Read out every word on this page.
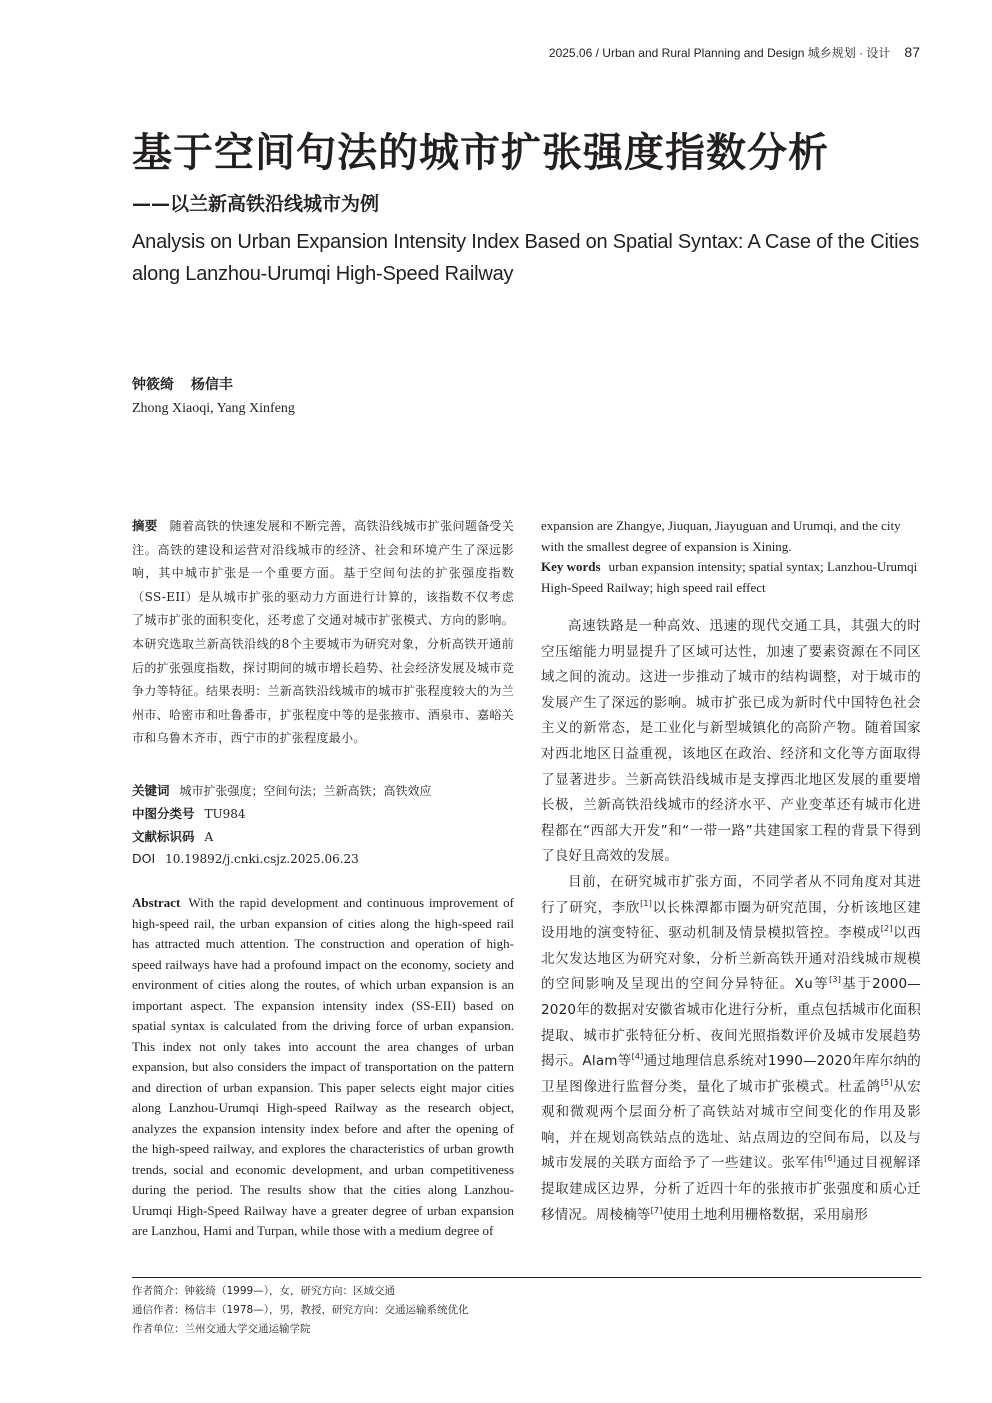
2025.06 / Urban and Rural Planning and Design 城乡规划 · 设计 87
基于空间句法的城市扩张强度指数分析
——以兰新高铁沿线城市为例
Analysis on Urban Expansion Intensity Index Based on Spatial Syntax: A Case of the Cities along Lanzhou-Urumqi High-Speed Railway
钟筱绮 杨信丰
Zhong Xiaoqi, Yang Xinfeng
摘要 随着高铁的快速发展和不断完善，高铁沿线城市扩张问题备受关注。高铁的建设和运营对沿线城市的经济、社会和环境产生了深远影响，其中城市扩张是一个重要方面。基于空间句法的扩张强度指数（SS-EII）是从城市扩张的驱动力方面进行计算的，该指数不仅考虑了城市扩张的面积变化，还考虑了交通对城市扩张模式、方向的影响。本研究选取兰新高铁沿线的8个主要城市为研究对象，分析高铁开通前后的扩张强度指数，探讨期间的城市增长趋势、社会经济发展及城市竞争力等特征。结果表明：兰新高铁沿线城市的城市扩张程度较大的为兰州市、哈密市和吐鲁番市，扩张程度中等的是张掖市、酒泉市、嘉峪关市和乌鲁木齐市，西宁市的扩张程度最小。
关键词 城市扩张强度；空间句法；兰新高铁；高铁效应
中图分类号 TU984
文献标识码 A
DOI 10.19892/j.cnki.csjz.2025.06.23
Abstract With the rapid development and continuous improvement of high-speed rail, the urban expansion of cities along the high-speed rail has attracted much attention. The construction and operation of high-speed railways have had a profound impact on the economy, society and environment of cities along the routes, of which urban expansion is an important aspect. The expansion intensity index (SS-EII) based on spatial syntax is calculated from the driving force of urban expansion. This index not only takes into account the area changes of urban expansion, but also considers the impact of transportation on the pattern and direction of urban expansion. This paper selects eight major cities along Lanzhou-Urumqi High-speed Railway as the research object, analyzes the expansion intensity index before and after the opening of the high-speed railway, and explores the characteristics of urban growth trends, social and economic development, and urban competitiveness during the period. The results show that the cities along Lanzhou-Urumqi High-Speed Railway have a greater degree of urban expansion are Lanzhou, Hami and Turpan, while those with a medium degree of
expansion are Zhangye, Jiuquan, Jiayuguan and Urumqi, and the city with the smallest degree of expansion is Xining.
Key words urban expansion intensity; spatial syntax; Lanzhou-Urumqi High-Speed Railway; high speed rail effect

高速铁路是一种高效、迅速的现代交通工具，其强大的时空压缩能力明显提升了区域可达性，加速了要素资源在不同区域之间的流动。这进一步推动了城市的结构调整，对于城市的发展产生了深远的影响。城市扩张已成为新时代中国特色社会主义的新常态，是工业化与新型城镇化的高阶产物。随着国家对西北地区日益重视，该地区在政治、经济和文化等方面取得了显著进步。兰新高铁沿线城市是支撑西北地区发展的重要增长极，兰新高铁沿线城市的经济水平、产业变革还有城市化进程都在“西部大开发”和“一带一路”共建国家工程的背景下得到了良好且高效的发展。

目前，在研究城市扩张方面，不同学者从不同角度对其进行了研究，李欣[1]以长株潭都市圈为研究范围，分析该地区建设用地的演变特征、驱动机制及情景模拟管控。李模成[2]以西北欠发达地区为研究对象，分析兰新高铁开通对沿线城市规模的空间影响及呈现出的空间分异特征。Xu等[3]基于2000—2020年的数据对安徽省城市化进行分析，重点包括城市化面积提取、城市扩张特征分析、夜间光照指数评价及城市发展趋势揭示。Alam等[4]通过地理信息系统对1990—2020年库尔纳的卫星图像进行监督分类，量化了城市扩张模式。杜孟鸽[5]从宏观和微观两个层面分析了高铁站对城市空间变化的作用及影响，并在规划高铁站点的选址、站点周边的空间布局，以及与城市发展的关联方面给予了一些建议。张军伟[6]通过目视解译提取建成区边界，分析了近四十年的张掖市扩张强度和质心迁移情况。周棱楠等[7]使用土地利用栅格数据，采用扇形

作者简介：钟筱绮（1999—），女，研究方向：区域交通
通信作者：杨信丰（1978—），男，教授，研究方向：交通运输系统优化
作者单位：兰州交通大学交通运输学院
